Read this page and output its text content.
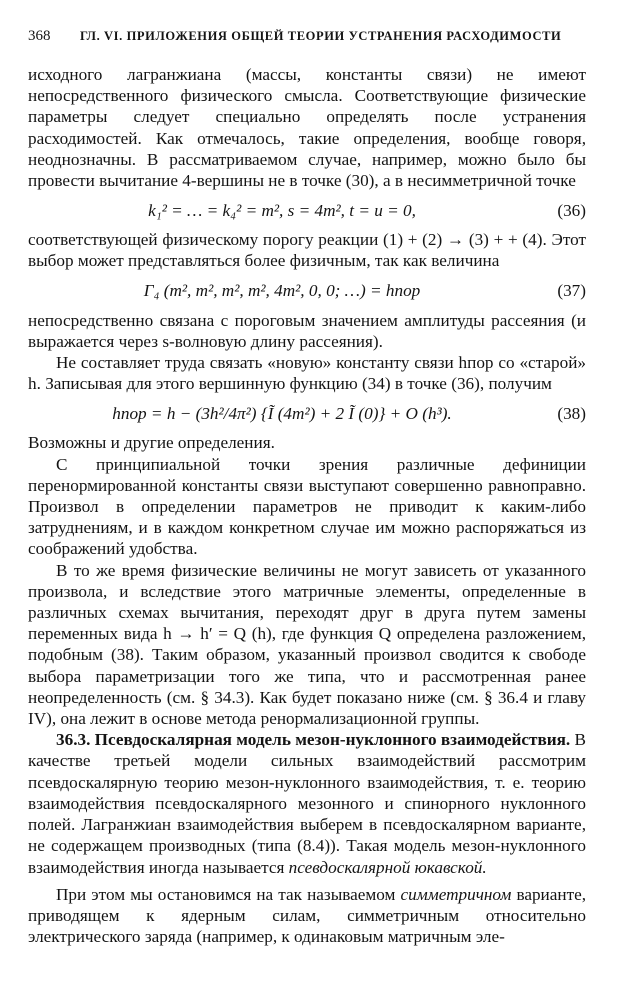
368	ГЛ. VI. ПРИЛОЖЕНИЯ ОБЩЕЙ ТЕОРИИ УСТРАНЕНИЯ РАСХОДИМОСТИ

исходного лагранжиана (массы, константы связи) не имеют непосредственного физического смысла. Соответствующие физические параметры следует специально определять после устранения расходимостей. Как отмечалось, такие определения, вообще говоря, неоднозначны. В рассматриваемом случае, например, можно было бы провести вычитание 4-вершины не в точке (30), а в несимметричной точке

k₁² = … = k₄² = m², s = 4m², t = u = 0,	(36)

соответствующей физическому порогу реакции (1) + (2) → (3) + + (4). Этот выбор может представляться более физичным, так как величина

Γ₄ (m², m², m², m², 4m², 0, 0; …) = hпор	(37)

непосредственно связана с пороговым значением амплитуды рассеяния (и выражается через s-волновую длину рассеяния).

Не составляет труда связать «новую» константу связи hпор со «старой» h. Записывая для этого вершинную функцию (34) в точке (36), получим

hпор = h − (3h²/4π²) {Ĩ (4m²) + 2 Ĩ (0)} + O (h³).	(38)

Возможны и другие определения.

С принципиальной точки зрения различные дефиниции перенормированной константы связи выступают совершенно равноправно. Произвол в определении параметров не приводит к каким-либо затруднениям, и в каждом конкретном случае им можно распоряжаться из соображений удобства.

В то же время физические величины не могут зависеть от указанного произвола, и вследствие этого матричные элементы, определенные в различных схемах вычитания, переходят друг в друга путем замены переменных вида h → h′ = Q (h), где функция Q определена разложением, подобным (38). Таким образом, указанный произвол сводится к свободе выбора параметризации того же типа, что и рассмотренная ранее неопределенность (см. § 34.3). Как будет показано ниже (см. § 36.4 и главу IV), она лежит в основе метода ренормализационной группы.

36.3. Псевдоскалярная модель мезон-нуклонного взаимодействия. В качестве третьей модели сильных взаимодействий рассмотрим псевдоскалярную теорию мезон-нуклонного взаимодействия, т. е. теорию взаимодействия псевдоскалярного мезонного и спинорного нуклонного полей. Лагранжиан взаимодействия выберем в псевдоскалярном варианте, не содержащем производных (типа (8.4)). Такая модель мезон-нуклонного взаимодействия иногда называется псевдоскалярной юкавской.

При этом мы остановимся на так называемом симметричном варианте, приводящем к ядерным силам, симметричным относительно электрического заряда (например, к одинаковым матричным эле-
